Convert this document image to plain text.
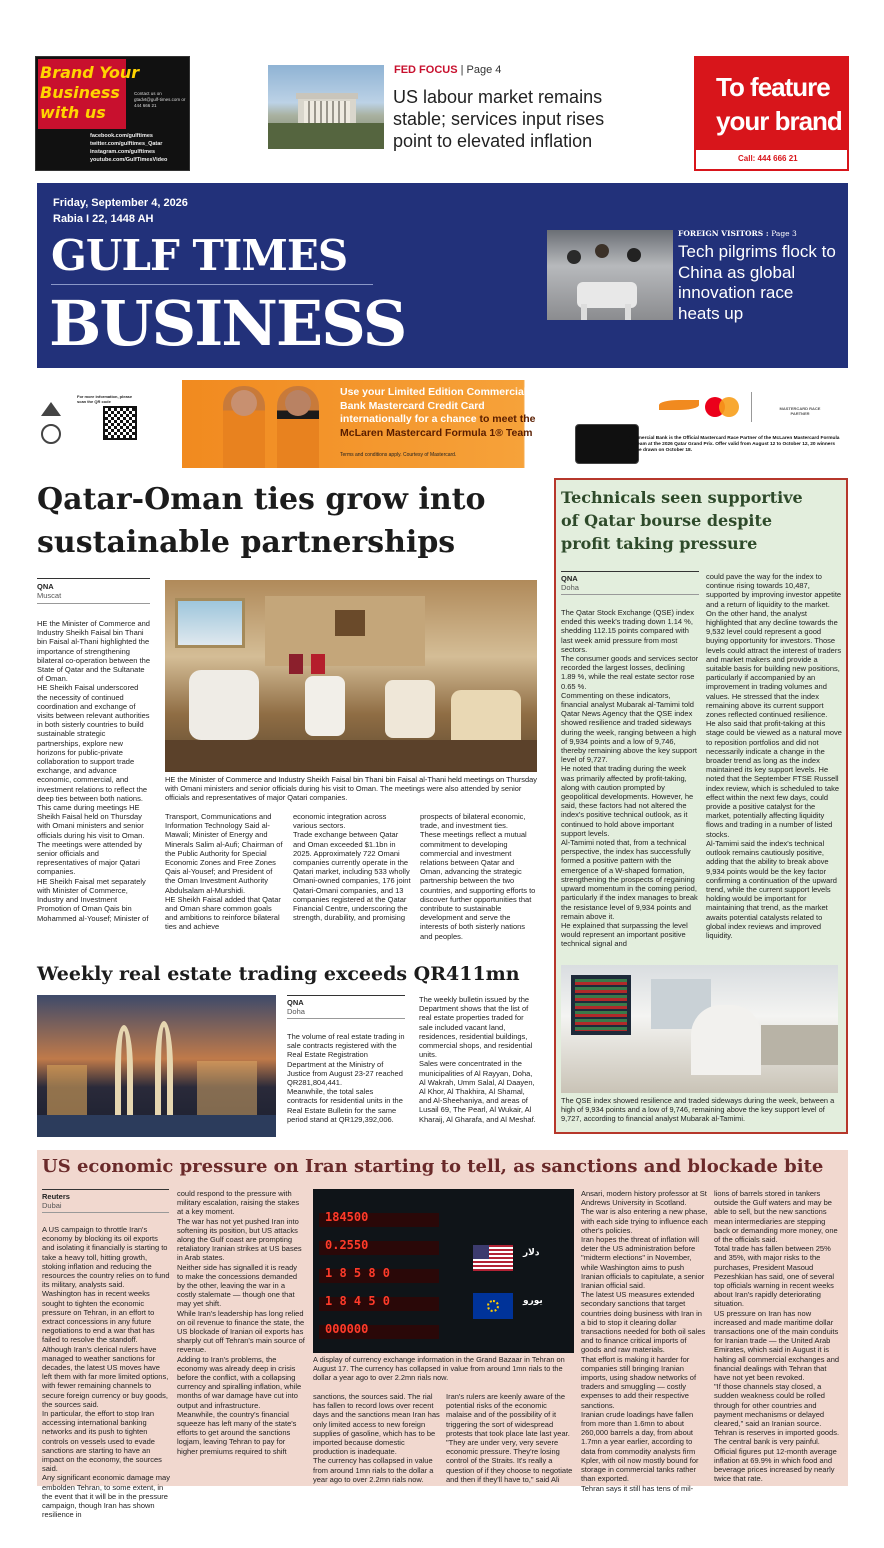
Brand Your
Business
with us
Contact us on gtadvt@gulf-times.com or 444 666 21
facebook.com/gulftimes
twitter.com/gulftimes_Qatar
instagram.com/gulftimes
youtube.com/GulfTimesVideo
FED FOCUS | Page 4
US labour market remains stable; services input rises point to elevated inflation
To feature
your brand
Call: 444 666 21
Friday, September 4, 2026
Rabia I 22, 1448 AH
GULF TIMES
BUSINESS
FOREIGN VISITORS : Page 3
Tech pilgrims flock to China as global innovation race heats up
For more information, please scan the QR code
Use your Limited Edition Commercial
Bank Mastercard Credit Card
internationally for a chance to meet the
McLaren Mastercard Formula 1® Team
Terms and conditions apply. Courtesy of Mastercard.
MASTERCARD RACE PARTNER
Commercial Bank is the Official Mastercard Race Partner of the McLaren Mastercard Formula 1® Team at the 2026 Qatar Grand Prix. Offer valid from August 12 to October 12, 20 winners will be drawn on October 18.
Qatar-Oman ties grow into sustainable partnerships
QNA
Muscat
HE the Minister of Commerce and Industry Sheikh Faisal bin Thani bin Faisal al-Thani highlighted the importance of strengthening bilateral co-operation between the State of Qatar and the Sultanate of Oman.
HE Sheikh Faisal underscored the necessity of continued coordination and exchange of visits between relevant authorities in both sisterly countries to build sustainable strategic partnerships, explore new horizons for public-private collaboration to support trade exchange, and advance economic, commercial, and investment relations to reflect the deep ties between both nations.
This came during meetings HE Sheikh Faisal held on Thursday with Omani ministers and senior officials during his visit to Oman. The meetings were attended by senior officials and representatives of major Qatari companies.
HE Sheikh Faisal met separately with Minister of Commerce, Industry and Investment Promotion of Oman Qais bin Mohammed al-Yousef; Minister of
HE the Minister of Commerce and Industry Sheikh Faisal bin Thani bin Faisal al-Thani held meetings on Thursday with Omani ministers and senior officials during his visit to Oman. The meetings were also attended by senior officials and representatives of major Qatari companies.
Transport, Communications and Information Technology Said al-Mawali; Minister of Energy and Minerals Salim al-Aufi; Chairman of the Public Authority for Special Economic Zones and Free Zones Qais al-Yousef; and President of the Oman Investment Authority Abdulsalam al-Murshidi.
HE Sheikh Faisal added that Qatar and Oman share common goals and ambitions to reinforce bilateral ties and achieve
economic integration across various sectors.
Trade exchange between Qatar and Oman exceeded $1.1bn in 2025. Approximately 722 Omani companies currently operate in the Qatari market, including 533 wholly Omani-owned companies, 176 joint Qatari-Omani companies, and 13 companies registered at the Qatar Financial Centre, underscoring the strength, durability, and promising
prospects of bilateral economic, trade, and investment ties.
These meetings reflect a mutual commitment to developing commercial and investment relations between Qatar and Oman, advancing the strategic partnership between the two countries, and supporting efforts to discover further opportunities that contribute to sustainable development and serve the interests of both sisterly nations and peoples.
Weekly real estate trading exceeds QR411mn
QNA
Doha
The volume of real estate trading in sale contracts registered with the Real Estate Registration Department at the Ministry of Justice from August 23-27 reached QR281,804,441.
Meanwhile, the total sales contracts for residential units in the Real Estate Bulletin for the same period stand at QR129,392,006.
The weekly bulletin issued by the Department shows that the list of real estate properties traded for sale included vacant land, residences, residential buildings, commercial shops, and residential units.
Sales were concentrated in the municipalities of Al Rayyan, Doha, Al Wakrah, Umm Salal, Al Daayen, Al Khor, Al Thakhira, Al Shamal, and Al-Sheehaniya, and areas of Lusail 69, The Pearl, Al Wukair, Al Kharaij, Al Gharafa, and Al Meshaf.
Technicals seen supportive of Qatar bourse despite profit taking pressure
QNA
Doha
The Qatar Stock Exchange (QSE) index ended this week's trading down 1.14 %, shedding 112.15 points compared with last week amid pressure from most sectors.
The consumer goods and services sector recorded the largest losses, declining 1.89 %, while the real estate sector rose 0.65 %.
Commenting on these indicators, financial analyst Mubarak al-Tamimi told Qatar News Agency that the QSE index showed resilience and traded sideways during the week, ranging between a high of 9,934 points and a low of 9,746, thereby remaining above the key support level of 9,727.
He noted that trading during the week was primarily affected by profit-taking, along with caution prompted by geopolitical developments. However, he said, these factors had not altered the index's positive technical outlook, as it continued to hold above important support levels.
Al-Tamimi noted that, from a technical perspective, the index has successfully formed a positive pattern with the emergence of a W-shaped formation, strengthening the prospects of regaining upward momentum in the coming period, particularly if the index manages to break the resistance level of 9,934 points and remain above it.
He explained that surpassing the level would represent an important positive technical signal and
could pave the way for the index to continue rising towards 10,487, supported by improving investor appetite and a return of liquidity to the market.
On the other hand, the analyst highlighted that any decline towards the 9,532 level could represent a good buying opportunity for investors. Those levels could attract the interest of traders and market makers and provide a suitable basis for building new positions, particularly if accompanied by an improvement in trading volumes and values. He stressed that the index remaining above its current support zones reflected continued resilience.
He also said that profit-taking at this stage could be viewed as a natural move to reposition portfolios and did not necessarily indicate a change in the broader trend as long as the index maintained its key support levels. He noted that the September FTSE Russell index review, which is scheduled to take effect within the next few days, could provide a positive catalyst for the market, potentially affecting liquidity flows and trading in a number of listed stocks.
Al-Tamimi said the index's technical outlook remains cautiously positive, adding that the ability to break above 9,934 points would be the key factor confirming a continuation of the upward trend, while the current support levels holding would be important for maintaining that trend, as the market awaits potential catalysts related to global index reviews and improved liquidity.
The QSE index showed resilience and traded sideways during the week, between a high of 9,934 points and a low of 9,746, remaining above the key support level of 9,727, according to financial analyst Mubarak al-Tamimi.
US economic pressure on Iran starting to tell, as sanctions and blockade bite
Reuters
Dubai
A US campaign to throttle Iran's economy by blocking its oil exports and isolating it financially is starting to take a heavy toll, hitting growth, stoking inflation and reducing the resources the country relies on to fund its military, analysts said.
Washington has in recent weeks sought to tighten the economic pressure on Tehran, in an effort to extract concessions in any future negotiations to end a war that has failed to resolve the standoff.
Although Iran's clerical rulers have managed to weather sanctions for decades, the latest US moves have left them with far more limited options, with fewer remaining channels to secure foreign currency or buy goods, the sources said.
In particular, the effort to stop Iran accessing international banking networks and its push to tighten controls on vessels used to evade sanctions are starting to have an impact on the economy, the sources said.
Any significant economic damage may embolden Tehran, to some extent, in the event that it will be in the pressure campaign, though Iran has shown resilience in
could respond to the pressure with military escalation, raising the stakes at a key moment.
The war has not yet pushed Iran into softening its position, but US attacks along the Gulf coast are prompting retaliatory Iranian strikes at US bases in Arab states.
Neither side has signalled it is ready to make the concessions demanded by the other, leaving the war in a costly stalemate — though one that may yet shift.
While Iran's leadership has long relied on oil revenue to finance the state, the US blockade of Iranian oil exports has sharply cut off Tehran's main source of revenue.
Adding to Iran's problems, the economy was already deep in crisis before the conflict, with a collapsing currency and spiralling inflation, while months of war damage have cut into output and infrastructure.
Meanwhile, the country's financial squeeze has left many of the state's efforts to get around the sanctions logjam, leaving Tehran to pay for higher premiums required to shift
184500
0.2550
1 8 5 8 0
1 8 4 5 0
000000
دلار
یورو
A display of currency exchange information in the Grand Bazaar in Tehran on August 17. The currency has collapsed in value from around 1mn rials to the dollar a year ago to over 2.2mn rials now.
sanctions, the sources said. The rial has fallen to record lows over recent days and the sanctions mean Iran has only limited access to new foreign supplies of gasoline, which has to be imported because domestic production is inadequate.
The currency has collapsed in value from around 1mn rials to the dollar a year ago to over 2.2mn rials now.
Iran's rulers are keenly aware of the potential risks of the economic malaise and of the possibility of it triggering the sort of widespread protests that took place late last year.
"They are under very, very severe economic pressure. They're losing control of the Straits. It's really a question of if they choose to negotiate and then if they'll have to," said Ali
Ansari, modern history professor at St Andrews University in Scotland.
The war is also entering a new phase, with each side trying to influence each other's policies.
Iran hopes the threat of inflation will deter the US administration before "midterm elections" in November, while Washington aims to push Iranian officials to capitulate, a senior Iranian official said.
The latest US measures extended secondary sanctions that target countries doing business with Iran in a bid to stop it clearing dollar transactions needed for both oil sales and to finance critical imports of goods and raw materials.
That effort is making it harder for companies still bringing Iranian imports, using shadow networks of traders and smuggling — costly expenses to add their respective sanctions.
Iranian crude loadings have fallen from more than 1.6mn to about 260,000 barrels a day, from about 1.7mn a year earlier, according to data from commodity analysts firm Kpler, with oil now mostly bound for storage in commercial tanks rather than exported.
Tehran says it still has tens of mil-
lions of barrels stored in tankers outside the Gulf waters and may be able to sell, but the new sanctions mean intermediaries are stepping back or demanding more money, one of the officials said.
Total trade has fallen between 25% and 35%, with major risks to the purchases, President Masoud Pezeshkian has said, one of several top officials warning in recent weeks about Iran's rapidly deteriorating situation.
US pressure on Iran has now increased and made maritime dollar transactions one of the main conduits for Iranian trade — the United Arab Emirates, which said in August it is halting all commercial exchanges and financial dealings with Tehran that have not yet been revoked.
"If those channels stay closed, a sudden weakness could be rolled through for other countries and payment mechanisms or delayed cleared," said an Iranian source. Tehran is reserves in imported goods.
The central bank is very painful. Official figures put 12-month average inflation at 69.9% in which food and beverage prices increased by nearly twice that rate.
